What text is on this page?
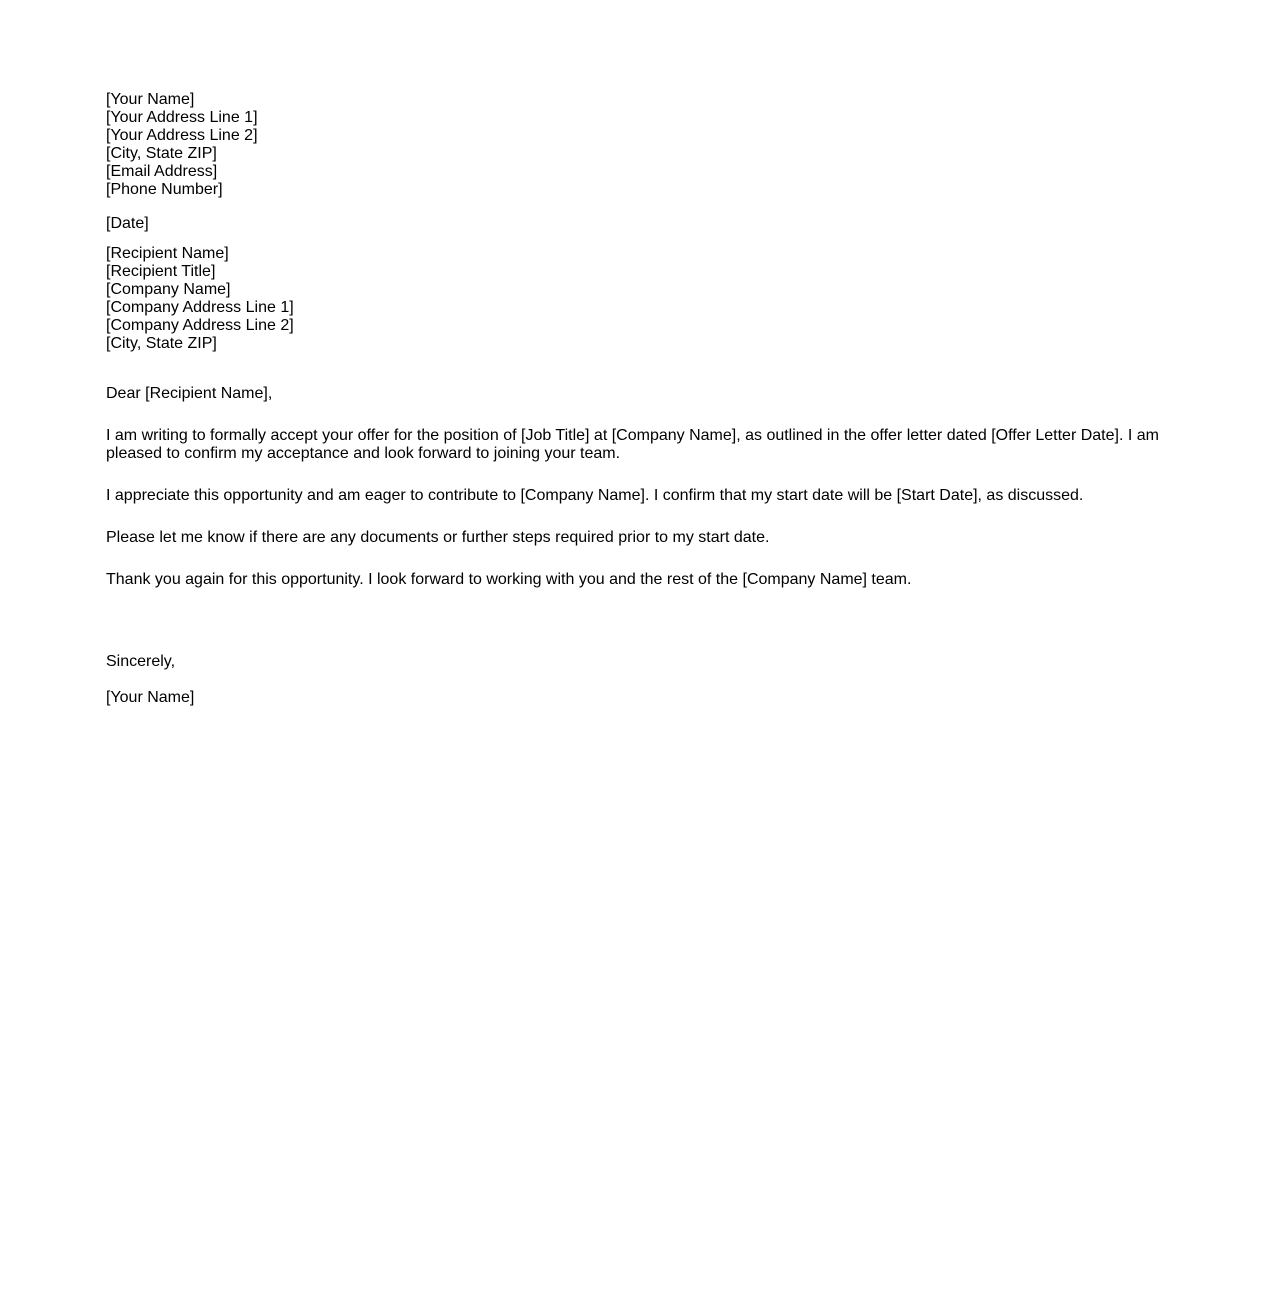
[Your Name]
[Your Address Line 1]
[Your Address Line 2]
[City, State ZIP]
[Email Address]
[Phone Number]
[Date]
[Recipient Name]
[Recipient Title]
[Company Name]
[Company Address Line 1]
[Company Address Line 2]
[City, State ZIP]
Dear [Recipient Name],
I am writing to formally accept your offer for the position of [Job Title] at [Company Name], as outlined in the offer letter dated [Offer Letter Date]. I am pleased to confirm my acceptance and look forward to joining your team.
I appreciate this opportunity and am eager to contribute to [Company Name]. I confirm that my start date will be [Start Date], as discussed.
Please let me know if there are any documents or further steps required prior to my start date.
Thank you again for this opportunity. I look forward to working with you and the rest of the [Company Name] team.
Sincerely,
[Your Name]
